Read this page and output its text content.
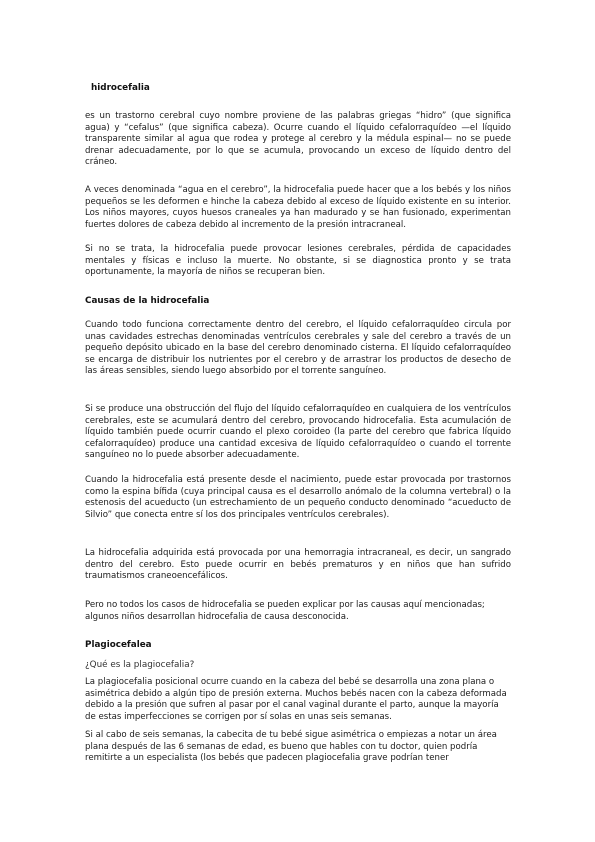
hidrocefalia

es un trastorno cerebral cuyo nombre proviene de las palabras griegas “hidro” (que significa agua) y “cefalus” (que significa cabeza). Ocurre cuando el líquido cefalorraquídeo —el líquido transparente similar al agua que rodea y protege al cerebro y la médula espinal— no se puede drenar adecuadamente, por lo que se acumula, provocando un exceso de líquido dentro del cráneo.

A veces denominada “agua en el cerebro”, la hidrocefalia puede hacer que a los bebés y los niños pequeños se les deformen e hinche la cabeza debido al exceso de líquido existente en su interior. Los niños mayores, cuyos huesos craneales ya han madurado y se han fusionado, experimentan fuertes dolores de cabeza debido al incremento de la presión intracraneal.

Si no se trata, la hidrocefalia puede provocar lesiones cerebrales, pérdida de capacidades mentales y físicas e incluso la muerte. No obstante, si se diagnostica pronto y se trata oportunamente, la mayoría de niños se recuperan bien.

Causas de la hidrocefalia

Cuando todo funciona correctamente dentro del cerebro, el líquido cefalorraquídeo circula por unas cavidades estrechas denominadas ventrículos cerebrales y sale del cerebro a través de un pequeño depósito ubicado en la base del cerebro denominado cisterna. El líquido cefalorraquídeo se encarga de distribuir los nutrientes por el cerebro y de arrastrar los productos de desecho de las áreas sensibles, siendo luego absorbido por el torrente sanguíneo.

Si se produce una obstrucción del flujo del líquido cefalorraquídeo en cualquiera de los ventrículos cerebrales, este se acumulará dentro del cerebro, provocando hidrocefalia. Esta acumulación de líquido también puede ocurrir cuando el plexo coroideo (la parte del cerebro que fabrica líquido cefalorraquídeo) produce una cantidad excesiva de líquido cefalorraquídeo o cuando el torrente sanguíneo no lo puede absorber adecuadamente.

Cuando la hidrocefalia está presente desde el nacimiento, puede estar provocada por trastornos como la espina bífida (cuya principal causa es el desarrollo anómalo de la columna vertebral) o la estenosis del acueducto (un estrechamiento de un pequeño conducto denominado “acueducto de Silvio” que conecta entre sí los dos principales ventrículos cerebrales).

La hidrocefalia adquirida está provocada por una hemorragia intracraneal, es decir, un sangrado dentro del cerebro. Esto puede ocurrir en bebés prematuros y en niños que han sufrido traumatismos craneoencefálicos.

Pero no todos los casos de hidrocefalia se pueden explicar por las causas aquí mencionadas; algunos niños desarrollan hidrocefalia de causa desconocida.

Plagiocefalea

¿Qué es la plagiocefalia?

La plagiocefalia posicional ocurre cuando en la cabeza del bebé se desarrolla una zona plana o asimétrica debido a algún tipo de presión externa. Muchos bebés nacen con la cabeza deformada debido a la presión que sufren al pasar por el canal vaginal durante el parto, aunque la mayoría de estas imperfecciones se corrigen por sí solas en unas seis semanas.

Si al cabo de seis semanas, la cabecita de tu bebé sigue asimétrica o empiezas a notar un área plana después de las 6 semanas de edad, es bueno que hables con tu doctor, quien podría remitirte a un especialista (los bebés que padecen plagiocefalia grave podrían tener
